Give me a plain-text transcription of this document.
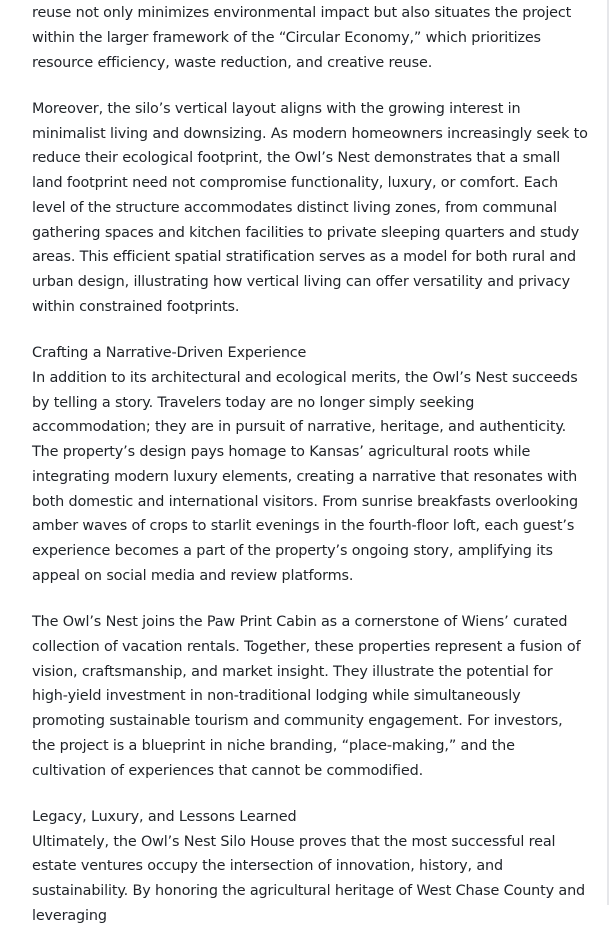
reuse not only minimizes environmental impact but also situates the project within the larger framework of the “Circular Economy,” which prioritizes resource efficiency, waste reduction, and creative reuse.

Moreover, the silo’s vertical layout aligns with the growing interest in minimalist living and downsizing. As modern homeowners increasingly seek to reduce their ecological footprint, the Owl’s Nest demonstrates that a small land footprint need not compromise functionality, luxury, or comfort. Each level of the structure accommodates distinct living zones, from communal gathering spaces and kitchen facilities to private sleeping quarters and study areas. This efficient spatial stratification serves as a model for both rural and urban design, illustrating how vertical living can offer versatility and privacy within constrained footprints.

Crafting a Narrative-Driven Experience

In addition to its architectural and ecological merits, the Owl’s Nest succeeds by telling a story. Travelers today are no longer simply seeking accommodation; they are in pursuit of narrative, heritage, and authenticity. The property’s design pays homage to Kansas’ agricultural roots while integrating modern luxury elements, creating a narrative that resonates with both domestic and international visitors. From sunrise breakfasts overlooking amber waves of crops to starlit evenings in the fourth-floor loft, each guest’s experience becomes a part of the property’s ongoing story, amplifying its appeal on social media and review platforms.

The Owl’s Nest joins the Paw Print Cabin as a cornerstone of Wiens’ curated collection of vacation rentals. Together, these properties represent a fusion of vision, craftsmanship, and market insight. They illustrate the potential for high-yield investment in non-traditional lodging while simultaneously promoting sustainable tourism and community engagement. For investors, the project is a blueprint in niche branding, “place-making,” and the cultivation of experiences that cannot be commodified.

Legacy, Luxury, and Lessons Learned

Ultimately, the Owl’s Nest Silo House proves that the most successful real estate ventures occupy the intersection of innovation, history, and sustainability. By honoring the agricultural heritage of West Chase County and leveraging
